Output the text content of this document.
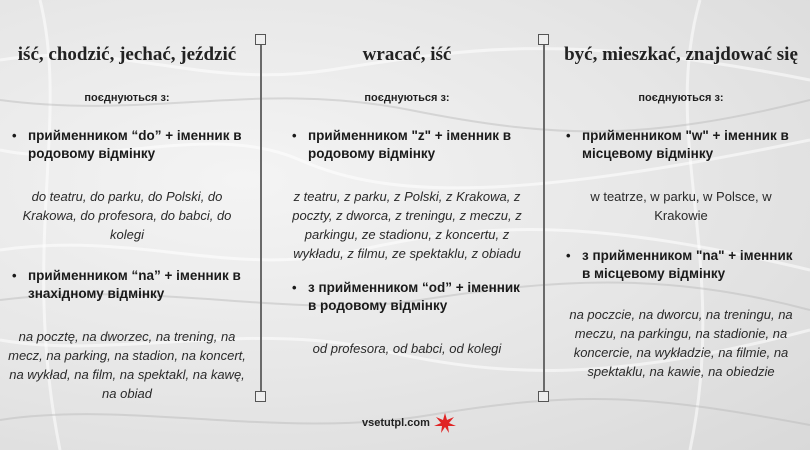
iść, chodzić, jechać, jeździć
поєднуються з:
• прийменником “do” + іменник в родовому відмінку
do teatru, do parku, do Polski, do Krakowa, do profesora, do babci, do kolegi
• прийменником “na” + іменник в знахідному відмінку
na pocztę, na dworzec, na trening, na mecz, na parking, na stadion, na koncert, na wykład, na film, na spektakl, na kawę, na obiad
wracać, iść
поєднуються з:
• прийменником "z" + іменник в родовому відмінку
z teatru, z parku, z Polski, z Krakowa, z poczty, z dworca, z treningu, z meczu, z parkingu, ze stadionu, z koncertu, z wykładu, z filmu, ze spektaklu, z obiadu
• з прийменником “od” + іменник в родовому відмінку
od profesora, od babci, od kolegi
być, mieszkać, znajdować się
поєднуються з:
• прийменником "w" + іменник в місцевому відмінку
w teatrze, w parku, w Polsce, w Krakowie
• з прийменником "na" + іменник в місцевому відмінку
na poczcie, na dworcu, na treningu, na meczu, na parkingu, na stadionie, na koncercie, na wykładzie, na filmie, na spektaklu, na kawie, na obiedzie
vsetutpl.com
